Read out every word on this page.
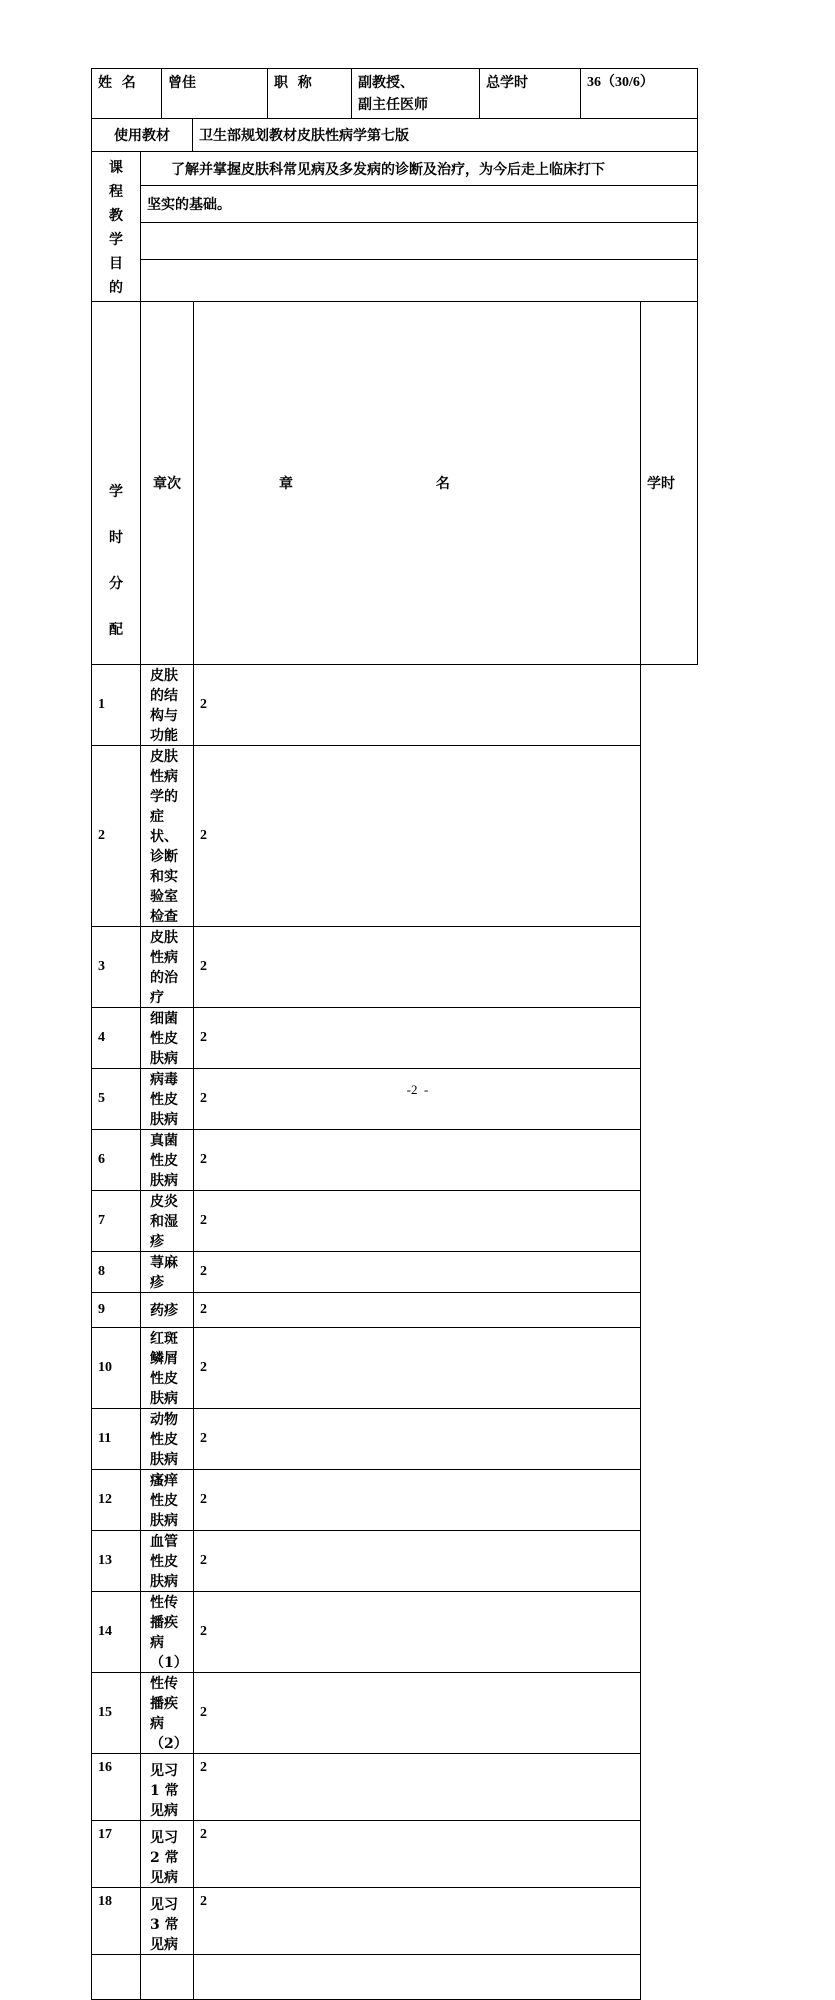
姓  名	曾佳	职  称	副教授、
副主任医师
	总学时	36（30/6）
使用教材	卫生部规划教材皮肤性病学第七版
课
程
教
学
目
的
	了解并掌握皮肤科常见病及多发病的诊断及治疗，为今后走上临床打下
坚实的基础。

学
时
分
配	章次	章 名	学时
1	皮肤的结构与功能	2	
2	皮肤性病学的症状、诊断和实验室检查	2	
3	皮肤性病的治疗	2	
4	细菌性皮肤病	2	
5	病毒性皮肤病	2	
6	真菌性皮肤病	2	
7	皮炎和湿疹	2	
8	荨麻疹	2	
9	药疹	2	
10	红斑鳞屑性皮肤病	2	
11	动物性皮肤病	2	
12	瘙痒性皮肤病	2	
13	血管性皮肤病	2	
14	性传播疾病（1）	2	
15	性传播疾病（2）	2	
16	见习 1 常见病	2	
17	见习 2 常见病	2	
18	见习 3 常见病	2	

-2  -
